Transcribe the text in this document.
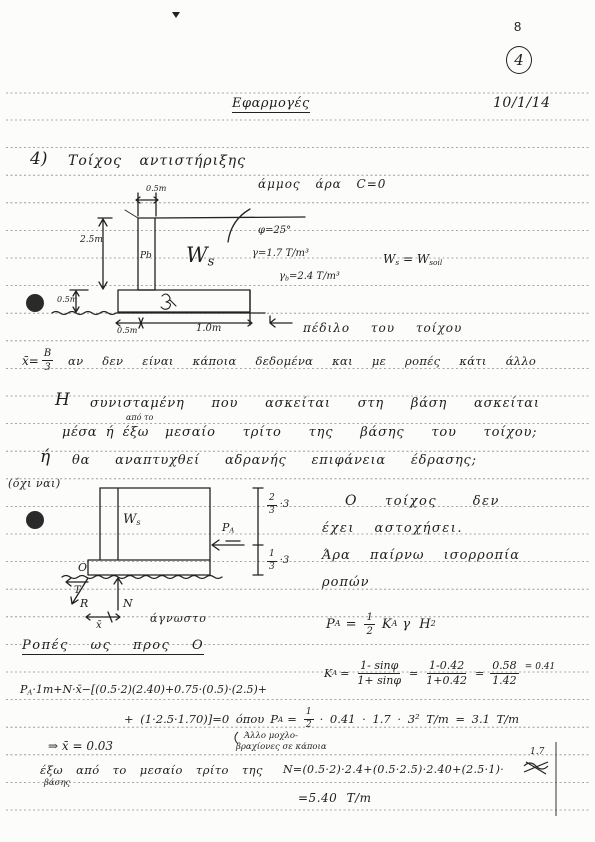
8
4
Εφαρμογές	10/1/14
4) Τοίχος αντιστήριξης
άμμος άρα C=0
0.5m
2.5m
Pb $W_s$
φ=25°
γ=1.7 T/m³
$\gamma_b=2.4$ T/m³
$W_s = W_{soil}$
0.5m
0.5m	1.0m	πέδιλο του τοίχου
x̄= $\frac{B}{3}$ αν δεν είναι κάποια δεδομένα και με ροπές κάτι άλλο
Η συνισταμένη που ασκείται στη βάση ασκείται
μέσα ή έξω
από το
μεσαίο τρίτο της βάσης του τοίχου;
ή θα αναπτυχθεί αδρανής επιφάνεια έδρασης;
(όχι ναι)
$W_s$	$P_A$
$\frac{2}{3} \cdot 3$
$\frac{1}{3} \cdot 3$
O
T
R	N
x̄
άγνωστο
Ο τοίχος δεν
έχει αστοχήσει.
Άρα παίρνω ισορροπία
ροπών
P $A = \frac{1}{2}$ K A γ H 2
Ροπές ως προς O
K $A = \frac{1- \sin\varphi}{1+ \sin\varphi} = \frac{1-0.42}{1+0.42} = \frac{0.58}{1.42} = 0.41$
$P_A\cdot 1m+N\cdot x̄-[(0.5\cdot 2)(2.40)+0.75\cdot(0.5)\cdot(2.5)+$
+ (1·2.5·1.70)]=0 όπου P $A = \frac{1}{2} \cdot 0.41 \cdot 1.7 \cdot 3^2$ T/m = 3.1 T/m
⇒ x̄ = 0.03
Άλλο μοχλο-
βραχίονες σε κάποια
έξω από το μεσαίο τρίτο της
βάσης
1.7
N=(0.5·2)·2.4+(0.5·2.5)·2.40+(2.5·1)·
=5.40 T/m
